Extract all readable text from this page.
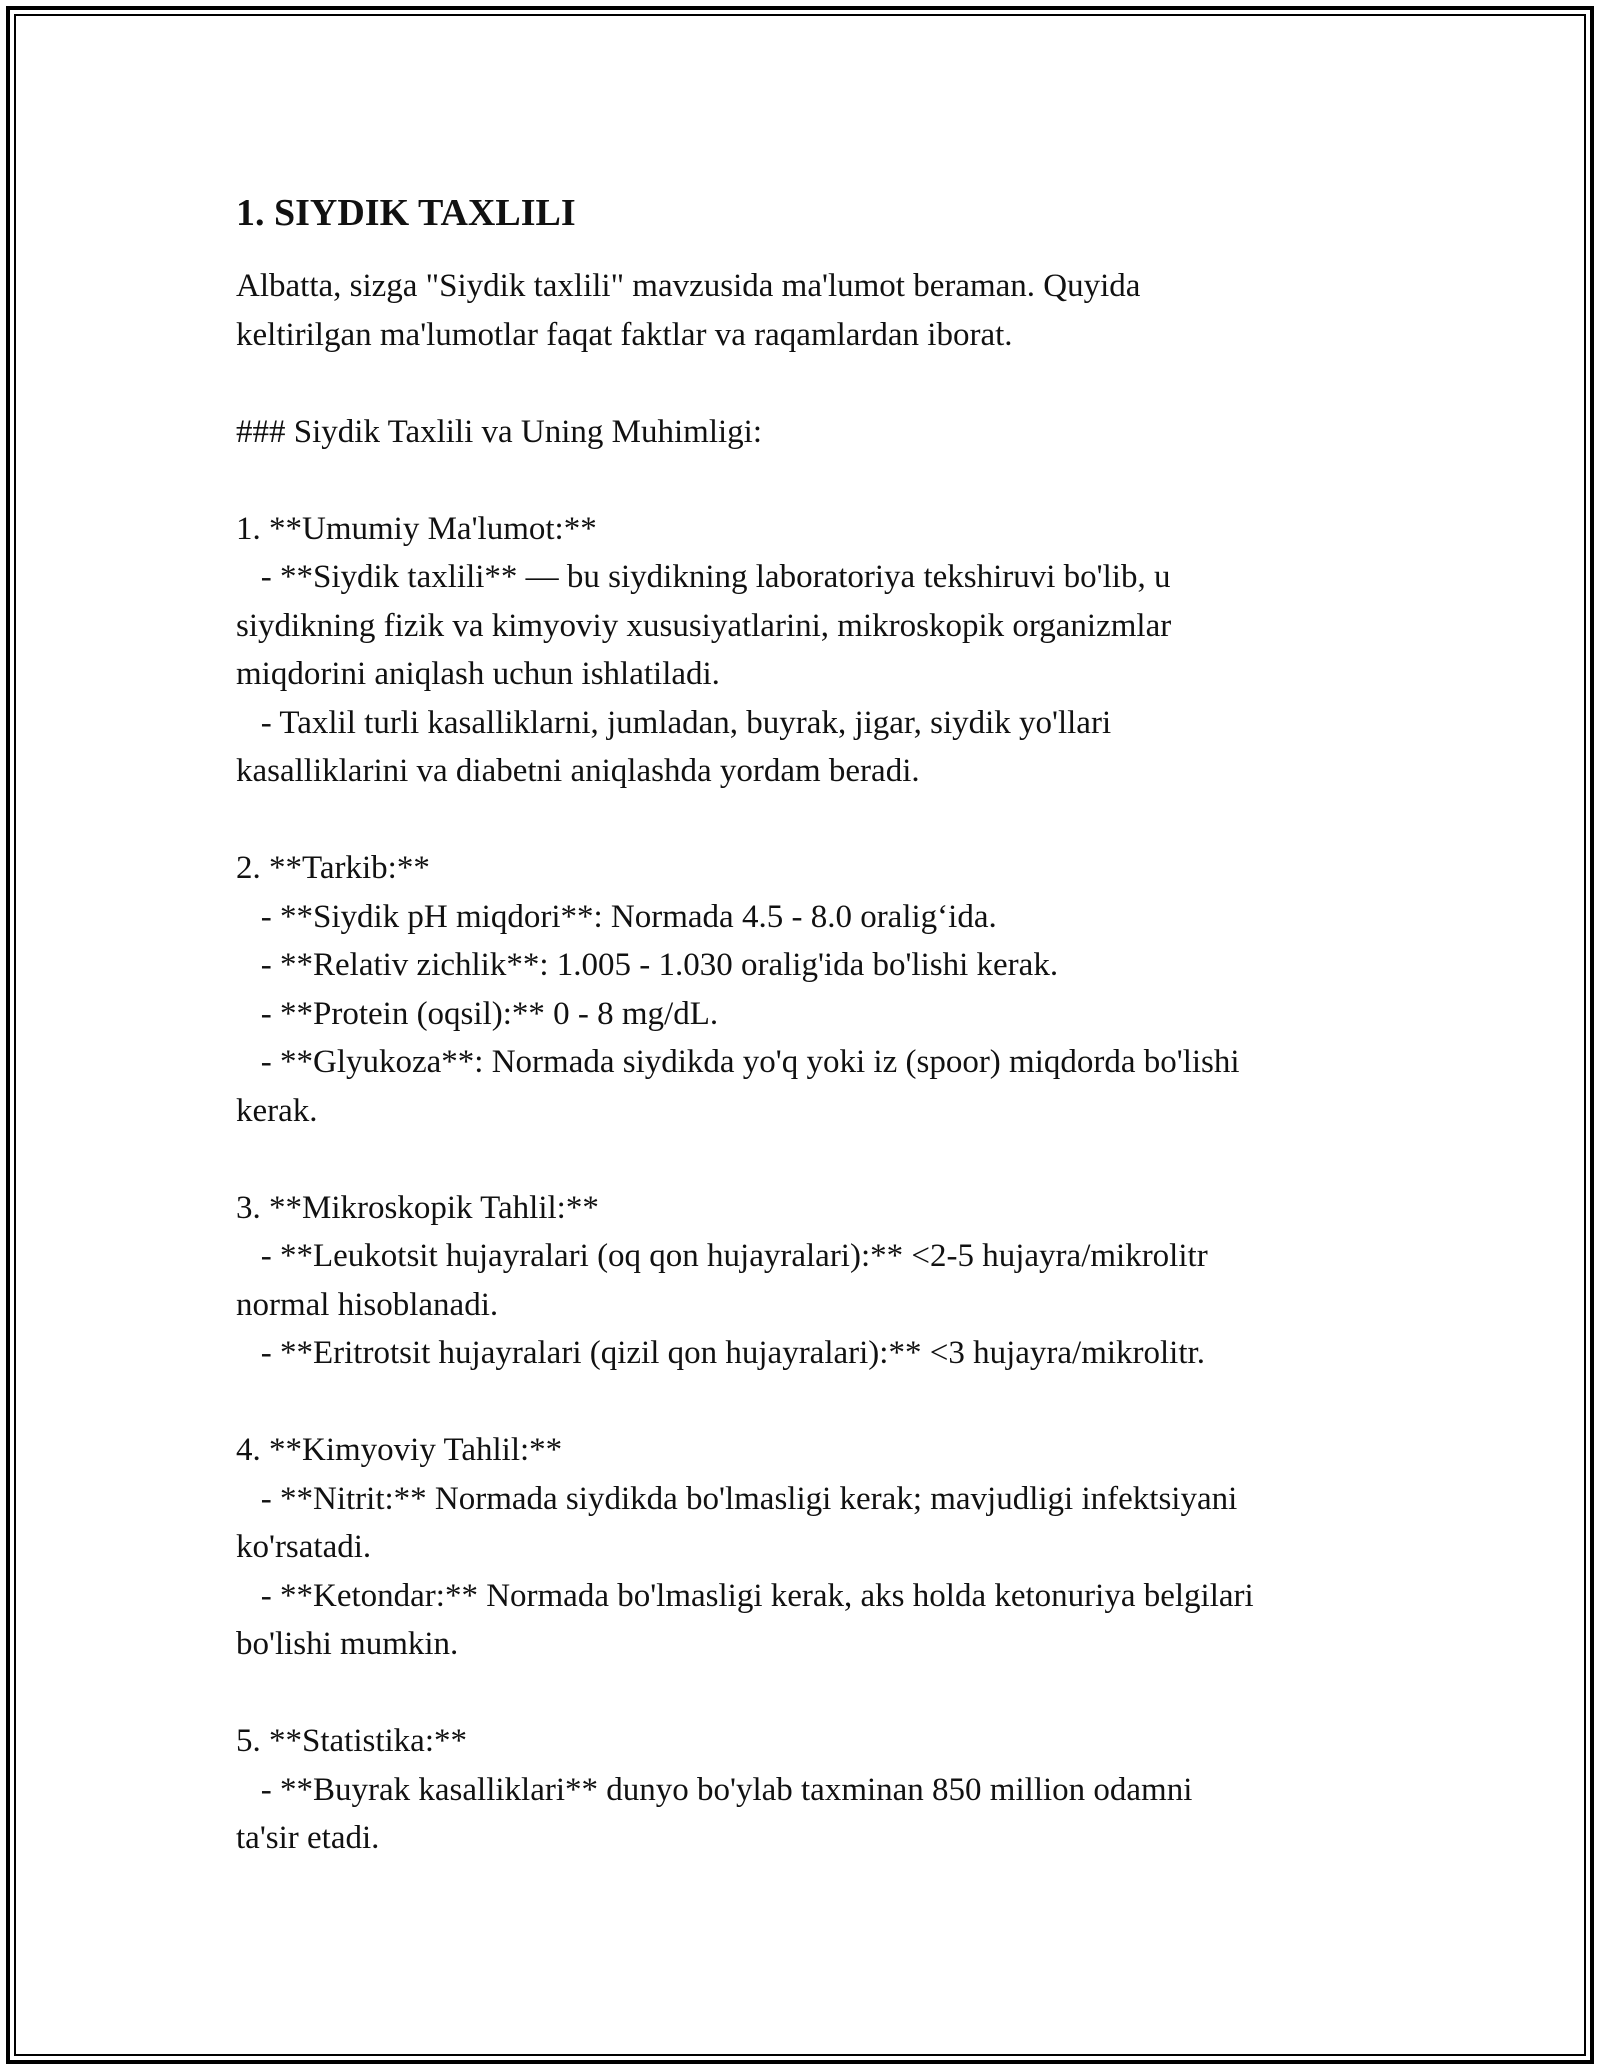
1. SIYDIK TAXLILI

Albatta, sizga "Siydik taxlili" mavzusida ma'lumot beraman. Quyida

keltirilgan ma'lumotlar faqat faktlar va raqamlardan iborat.

### Siydik Taxlili va Uning Muhimligi:

1. **Umumiy Ma'lumot:**

- **Siydik taxlili** — bu siydikning laboratoriya tekshiruvi bo'lib, u

siydikning fizik va kimyoviy xususiyatlarini, mikroskopik organizmlar

miqdorini aniqlash uchun ishlatiladi.

- Taxlil turli kasalliklarni, jumladan, buyrak, jigar, siydik yo'llari

kasalliklarini va diabetni aniqlashda yordam beradi.

2. **Tarkib:**

- **Siydik pH miqdori**: Normada 4.5 - 8.0 oralig‘ida.

- **Relativ zichlik**: 1.005 - 1.030 oralig'ida bo'lishi kerak.

- **Protein (oqsil):** 0 - 8 mg/dL.

- **Glyukoza**: Normada siydikda yo'q yoki iz (spoor) miqdorda bo'lishi

kerak.

3. **Mikroskopik Tahlil:**

- **Leukotsit hujayralari (oq qon hujayralari):** <2-5 hujayra/mikrolitr

normal hisoblanadi.

- **Eritrotsit hujayralari (qizil qon hujayralari):** <3 hujayra/mikrolitr.

4. **Kimyoviy Tahlil:**

- **Nitrit:** Normada siydikda bo'lmasligi kerak; mavjudligi infektsiyani

ko'rsatadi.

- **Ketondar:** Normada bo'lmasligi kerak, aks holda ketonuriya belgilari

bo'lishi mumkin.

5. **Statistika:**

- **Buyrak kasalliklari** dunyo bo'ylab taxminan 850 million odamni

ta'sir etadi.
